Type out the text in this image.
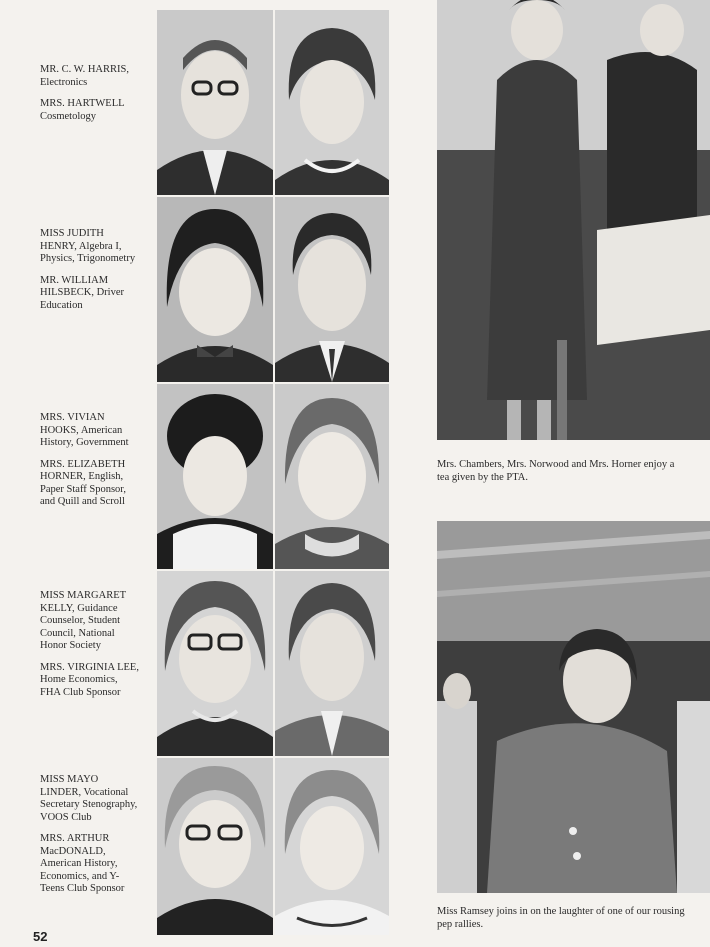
MR. C. W. HARRIS, Electronics

MRS. HARTWELL Cosmetology

MISS JUDITH HENRY, Algebra I, Physics, Trigonometry

MR. WILLIAM HILSBECK, Driver Education

MRS. VIVIAN HOOKS, American History, Government

MRS. ELIZABETH HORNER, English, Paper Staff Sponsor, and Quill and Scroll

MISS MARGARET KELLY, Guidance Counselor, Student Council, National Honor Society

MRS. VIRGINIA LEE, Home Economics, FHA Club Sponsor

MISS MAYO LINDER, Vocational Secretary Stenography, VOOS Club

MRS. ARTHUR MacDONALD, American History, Economics, and Y-Teens Club Sponsor

Mrs. Chambers, Mrs. Norwood and Mrs. Horner enjoy a tea given by the PTA.
Miss Ramsey joins in on the laughter of one of our rousing pep rallies.
52
